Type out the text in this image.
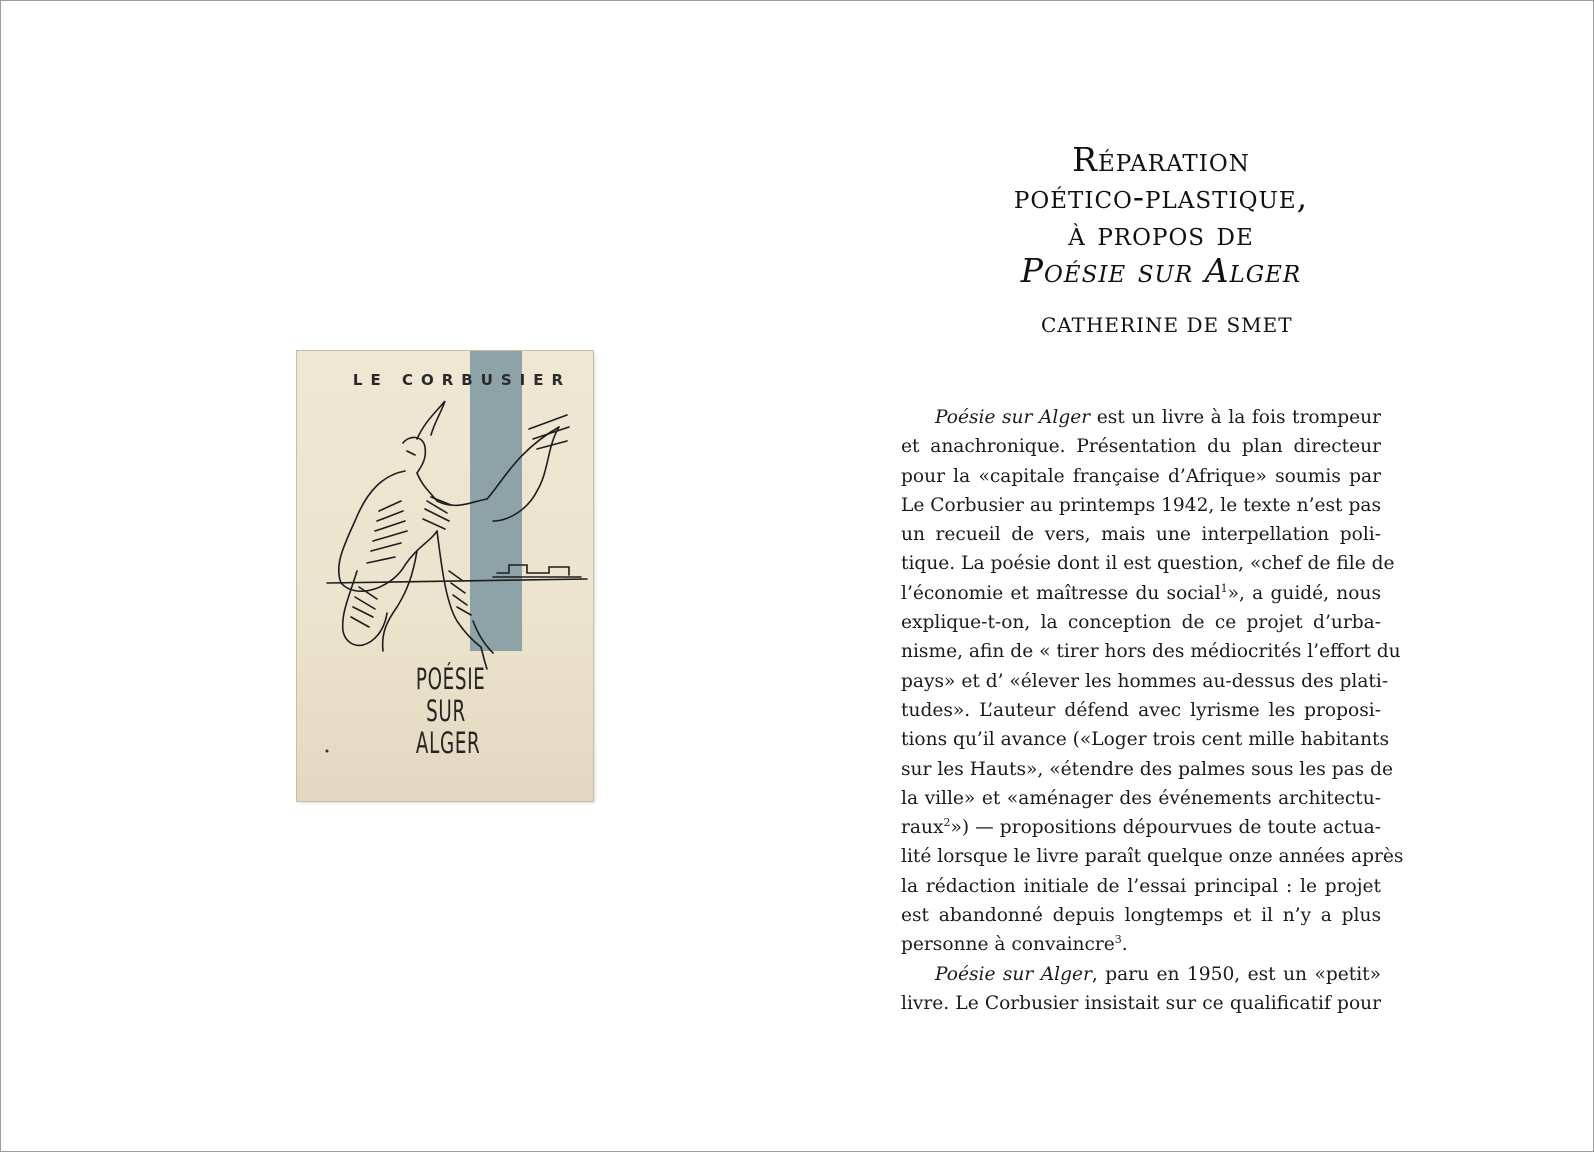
LE CORBUSIER
POÉSIE
SUR
ALGER
Réparation
poético-plastique,
à propos de
Poésie sur Alger
CATHERINE DE SMET

Poésie sur Alger est un livre à la fois trompeur
et anachronique. Présentation du plan directeur
pour la «capitale française d’Afrique» soumis par
Le Corbusier au printemps 1942, le texte n’est pas
un recueil de vers, mais une interpellation poli-
tique. La poésie dont il est question, «chef de file de
l’économie et maîtresse du social$^1$», a guidé, nous
explique-t-on, la conception de ce projet d’urba-
nisme, afin de « tirer hors des médiocrités l’effort du
pays» et d’ «élever les hommes au-dessus des plati-
tudes». L’auteur défend avec lyrisme les proposi-
tions qu’il avance («Loger trois cent mille habitants
sur les Hauts», «étendre des palmes sous les pas de
la ville» et «aménager des événements architectu-
raux$^2$») — propositions dépourvues de toute actua-
lité lorsque le livre paraît quelque onze années après
la rédaction initiale de l’essai principal : le projet
est abandonné depuis longtemps et il n’y a plus
personne à convaincre$^3$.

Poésie sur Alger, paru en 1950, est un «petit»
livre. Le Corbusier insistait sur ce qualificatif pour
